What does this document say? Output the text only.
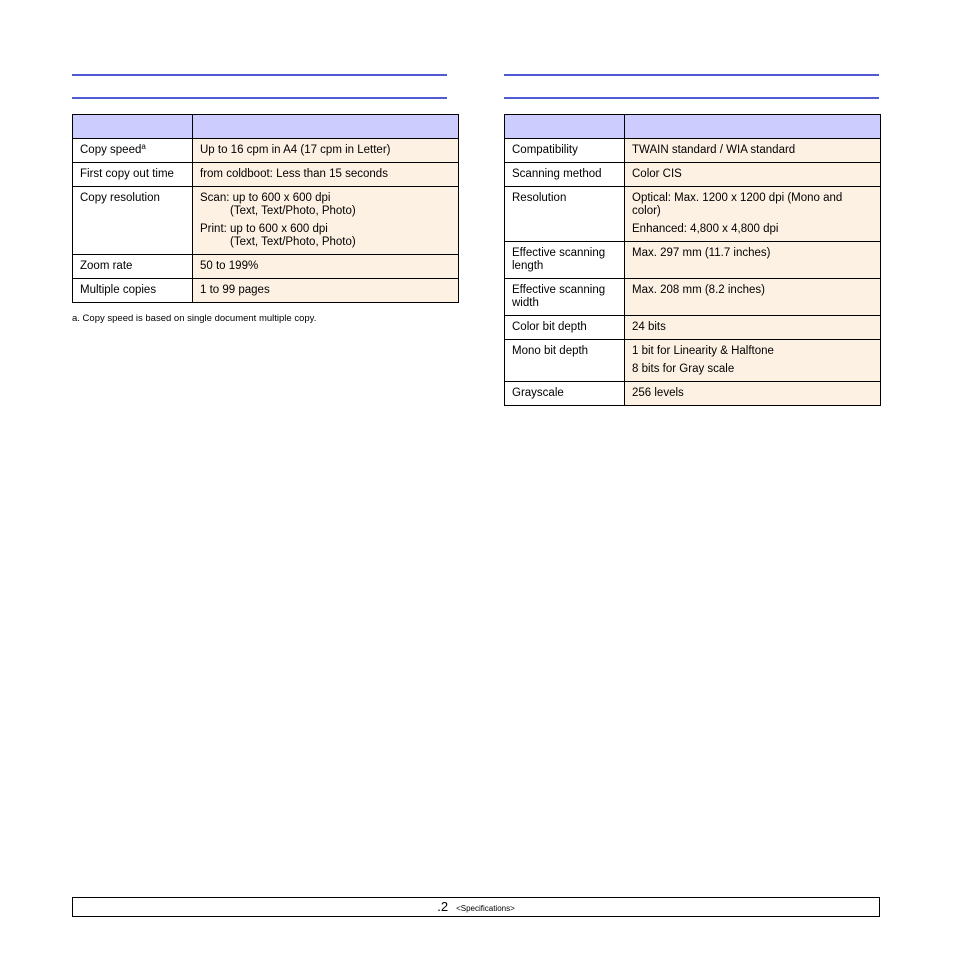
Copy speed$^a$	Up to 16 cpm in A4 (17 cpm in Letter)

First copy out time	from coldboot: Less than 15 seconds

Copy resolution	Scan: up to 600 x 600 dpi
(Text, Text/Photo, Photo)

Print: up to 600 x 600 dpi
(Text, Text/Photo, Photo)

Zoom rate	50 to 199%

Multiple copies	1 to 99 pages

a. Copy speed is based on single document multiple copy.

Compatibility	TWAIN standard / WIA standard

Scanning method	Color CIS

Resolution	Optical: Max. 1200 x 1200 dpi (Mono and color)

Enhanced: 4,800 x 4,800 dpi

Effective scanning length	Max. 297 mm (11.7 inches)

Effective scanning width	Max. 208 mm (8.2 inches)

Color bit depth	24 bits

Mono bit depth	1 bit for Linearity & Halftone

8 bits for Gray scale

Grayscale	256 levels

.2 <Specifications>
